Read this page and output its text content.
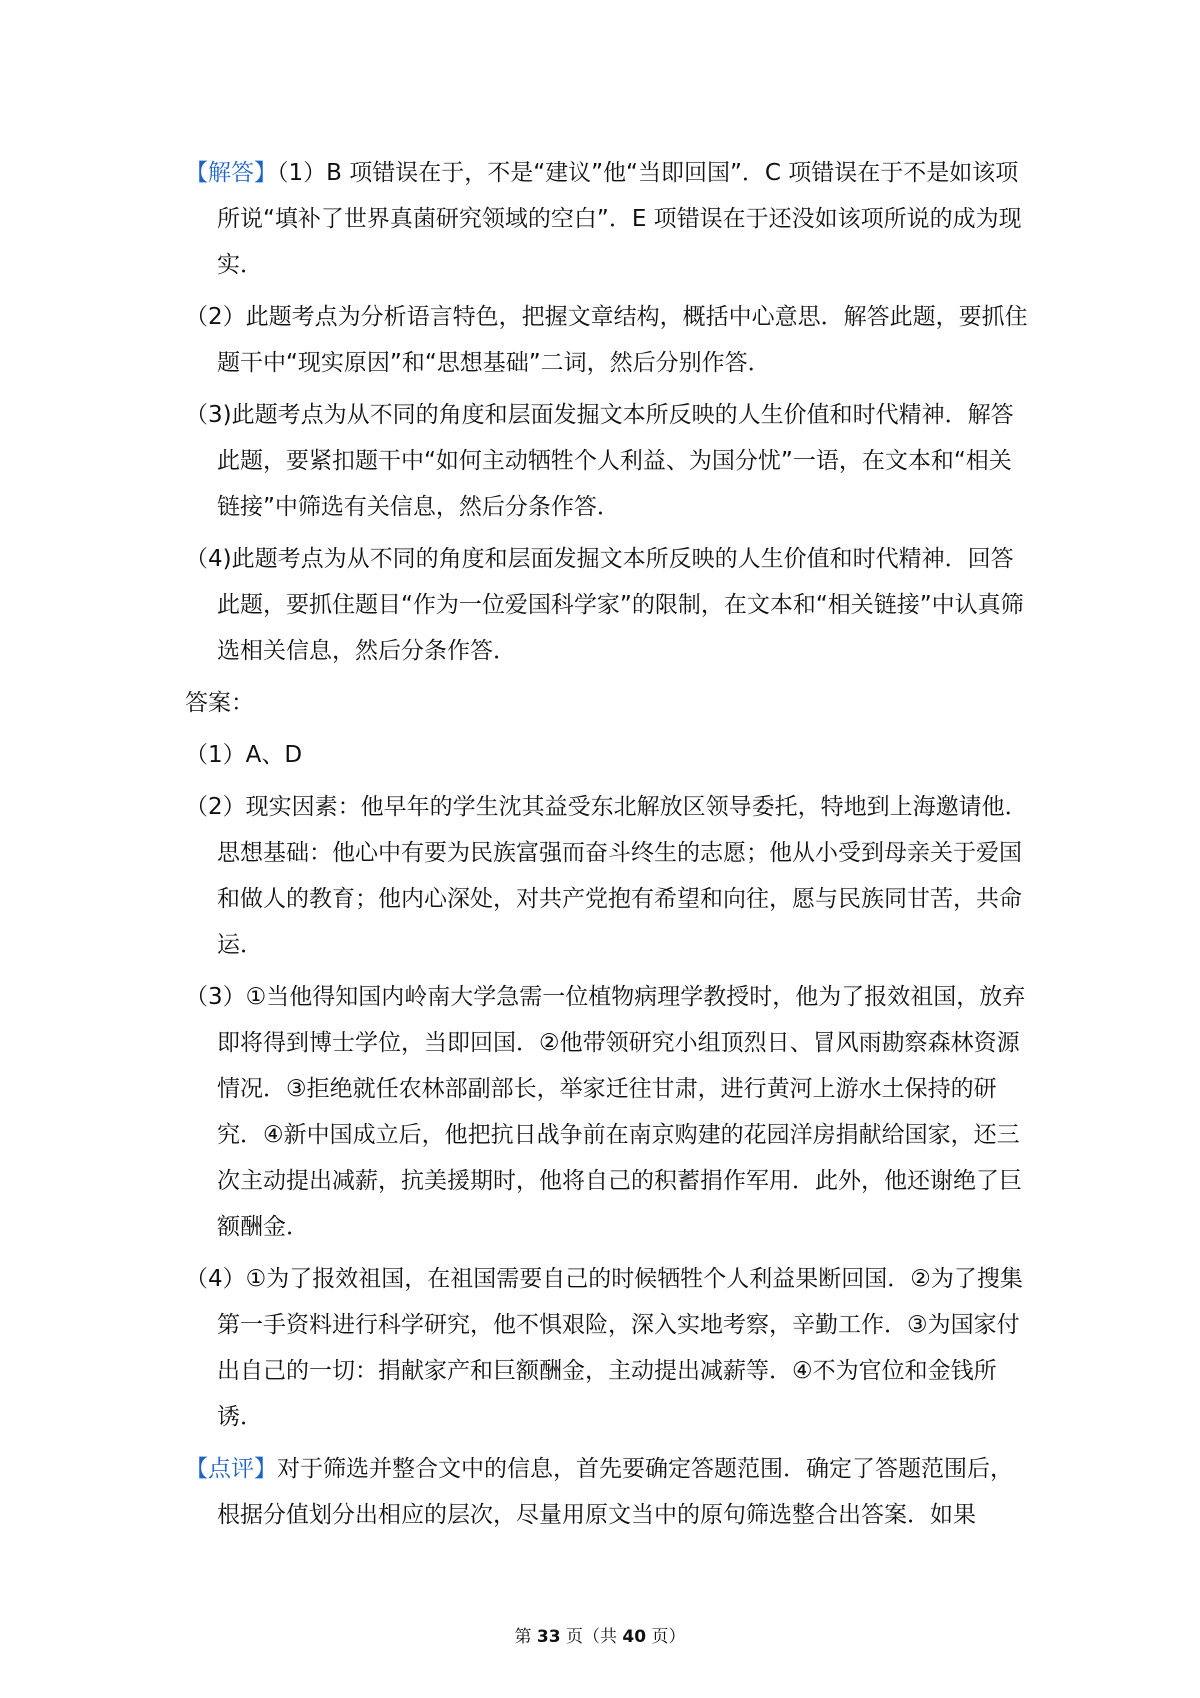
【解答】（1）B 项错误在于，不是“建议”他“当即回国”．C 项错误在于不是如该项所说“填补了世界真菌研究领域的空白”．E 项错误在于还没如该项所说的成为现实．
（2）此题考点为分析语言特色，把握文章结构，概括中心意思．解答此题，要抓住题干中“现实原因”和“思想基础”二词，然后分别作答．
（3)此题考点为从不同的角度和层面发掘文本所反映的人生价值和时代精神．解答此题，要紧扣题干中“如何主动牺牲个人利益、为国分忧”一语，在文本和“相关链接”中筛选有关信息，然后分条作答．
（4)此题考点为从不同的角度和层面发掘文本所反映的人生价值和时代精神．回答此题，要抓住题目“作为一位爱国科学家”的限制，在文本和“相关链接”中认真筛选相关信息，然后分条作答．
答案：
（1）A、D
（2）现实因素：他早年的学生沈其益受东北解放区领导委托，特地到上海邀请他．思想基础：他心中有要为民族富强而奋斗终生的志愿；他从小受到母亲关于爱国和做人的教育；他内心深处，对共产党抱有希望和向往，愿与民族同甘苦，共命运．
（3）①当他得知国内岭南大学急需一位植物病理学教授时，他为了报效祖国，放弃即将得到博士学位，当即回国．②他带领研究小组顶烈日、冒风雨勘察森林资源情况．③拒绝就任农林部副部长，举家迁往甘肃，进行黄河上游水土保持的研究．④新中国成立后，他把抗日战争前在南京购建的花园洋房捐献给国家，还三次主动提出减薪，抗美援期时，他将自己的积蓄捐作军用．此外，他还谢绝了巨额酬金．
（4）①为了报效祖国，在祖国需要自己的时候牺牲个人利益果断回国．②为了搜集第一手资料进行科学研究，他不惧艰险，深入实地考察，辛勤工作．③为国家付出自己的一切：捐献家产和巨额酬金，主动提出减薪等．④不为官位和金钱所诱．
【点评】对于筛选并整合文中的信息，首先要确定答题范围．确定了答题范围后，根据分值划分出相应的层次，尽量用原文当中的原句筛选整合出答案．如果
第 33 页（共 40 页）
